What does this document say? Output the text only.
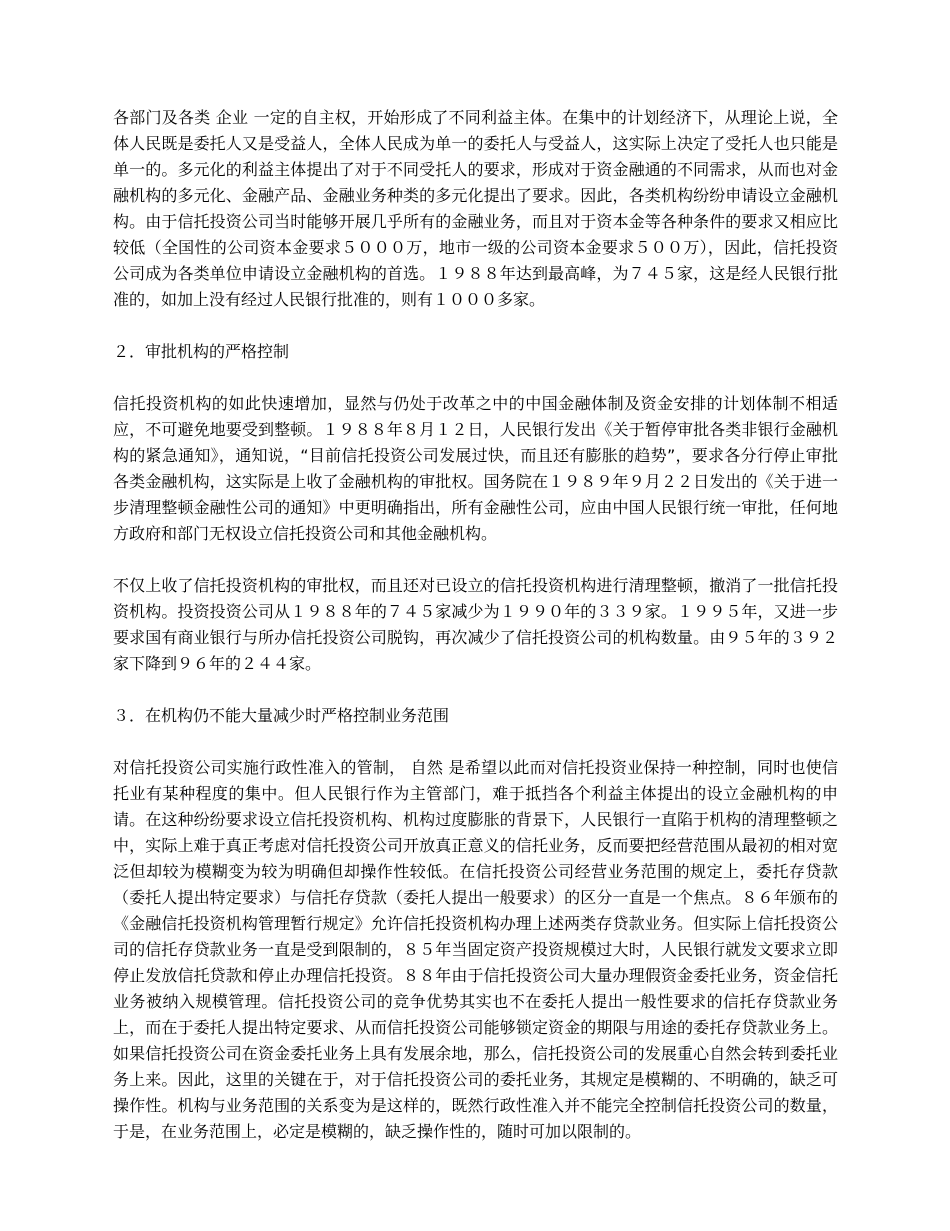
各部门及各类 企业 一定的自主权，开始形成了不同利益主体。在集中的计划经济下，从理论上说，全体人民既是委托人又是受益人，全体人民成为单一的委托人与受益人，这实际上决定了受托人也只能是单一的。多元化的利益主体提出了对于不同受托人的要求，形成对于资金融通的不同需求，从而也对金融机构的多元化、金融产品、金融业务种类的多元化提出了要求。因此，各类机构纷纷申请设立金融机构。由于信托投资公司当时能够开展几乎所有的金融业务，而且对于资本金等各种条件的要求又相应比较低（全国性的公司资本金要求５０００万，地市一级的公司资本金要求５００万），因此，信托投资公司成为各类单位申请设立金融机构的首选。１９８８年达到最高峰，为７４５家，这是经人民银行批准的，如加上没有经过人民银行批准的，则有１０００多家。

２．审批机构的严格控制

信托投资机构的如此快速增加，显然与仍处于改革之中的中国金融体制及资金安排的计划体制不相适应，不可避免地要受到整顿。１９８８年８月１２日，人民银行发出《关于暂停审批各类非银行金融机构的紧急通知》，通知说，“目前信托投资公司发展过快，而且还有膨胀的趋势”，要求各分行停止审批各类金融机构，这实际是上收了金融机构的审批权。国务院在１９８９年９月２２日发出的《关于进一步清理整顿金融性公司的通知》中更明确指出，所有金融性公司，应由中国人民银行统一审批，任何地方政府和部门无权设立信托投资公司和其他金融机构。

不仅上收了信托投资机构的审批权，而且还对已设立的信托投资机构进行清理整顿，撤消了一批信托投资机构。投资投资公司从１９８８年的７４５家减少为１９９０年的３３９家。１９９５年，又进一步要求国有商业银行与所办信托投资公司脱钩，再次减少了信托投资公司的机构数量。由９５年的３９２家下降到９６年的２４４家。

３．在机构仍不能大量减少时严格控制业务范围

对信托投资公司实施行政性准入的管制， 自然 是希望以此而对信托投资业保持一种控制，同时也使信托业有某种程度的集中。但人民银行作为主管部门，难于抵挡各个利益主体提出的设立金融机构的申请。在这种纷纷要求设立信托投资机构、机构过度膨胀的背景下，人民银行一直陷于机构的清理整顿之中，实际上难于真正考虑对信托投资公司开放真正意义的信托业务，反而要把经营范围从最初的相对宽泛但却较为模糊变为较为明确但却操作性较低。在信托投资公司经营业务范围的规定上，委托存贷款（委托人提出特定要求）与信托存贷款（委托人提出一般要求）的区分一直是一个焦点。８６年颁布的《金融信托投资机构管理暂行规定》允许信托投资机构办理上述两类存贷款业务。但实际上信托投资公司的信托存贷款业务一直是受到限制的，８５年当固定资产投资规模过大时，人民银行就发文要求立即停止发放信托贷款和停止办理信托投资。８８年由于信托投资公司大量办理假资金委托业务，资金信托业务被纳入规模管理。信托投资公司的竞争优势其实也不在委托人提出一般性要求的信托存贷款业务上，而在于委托人提出特定要求、从而信托投资公司能够锁定资金的期限与用途的委托存贷款业务上。如果信托投资公司在资金委托业务上具有发展余地，那么，信托投资公司的发展重心自然会转到委托业务上来。因此，这里的关键在于，对于信托投资公司的委托业务，其规定是模糊的、不明确的，缺乏可操作性。机构与业务范围的关系变为是这样的，既然行政性准入并不能完全控制信托投资公司的数量，于是，在业务范围上，必定是模糊的，缺乏操作性的，随时可加以限制的。
